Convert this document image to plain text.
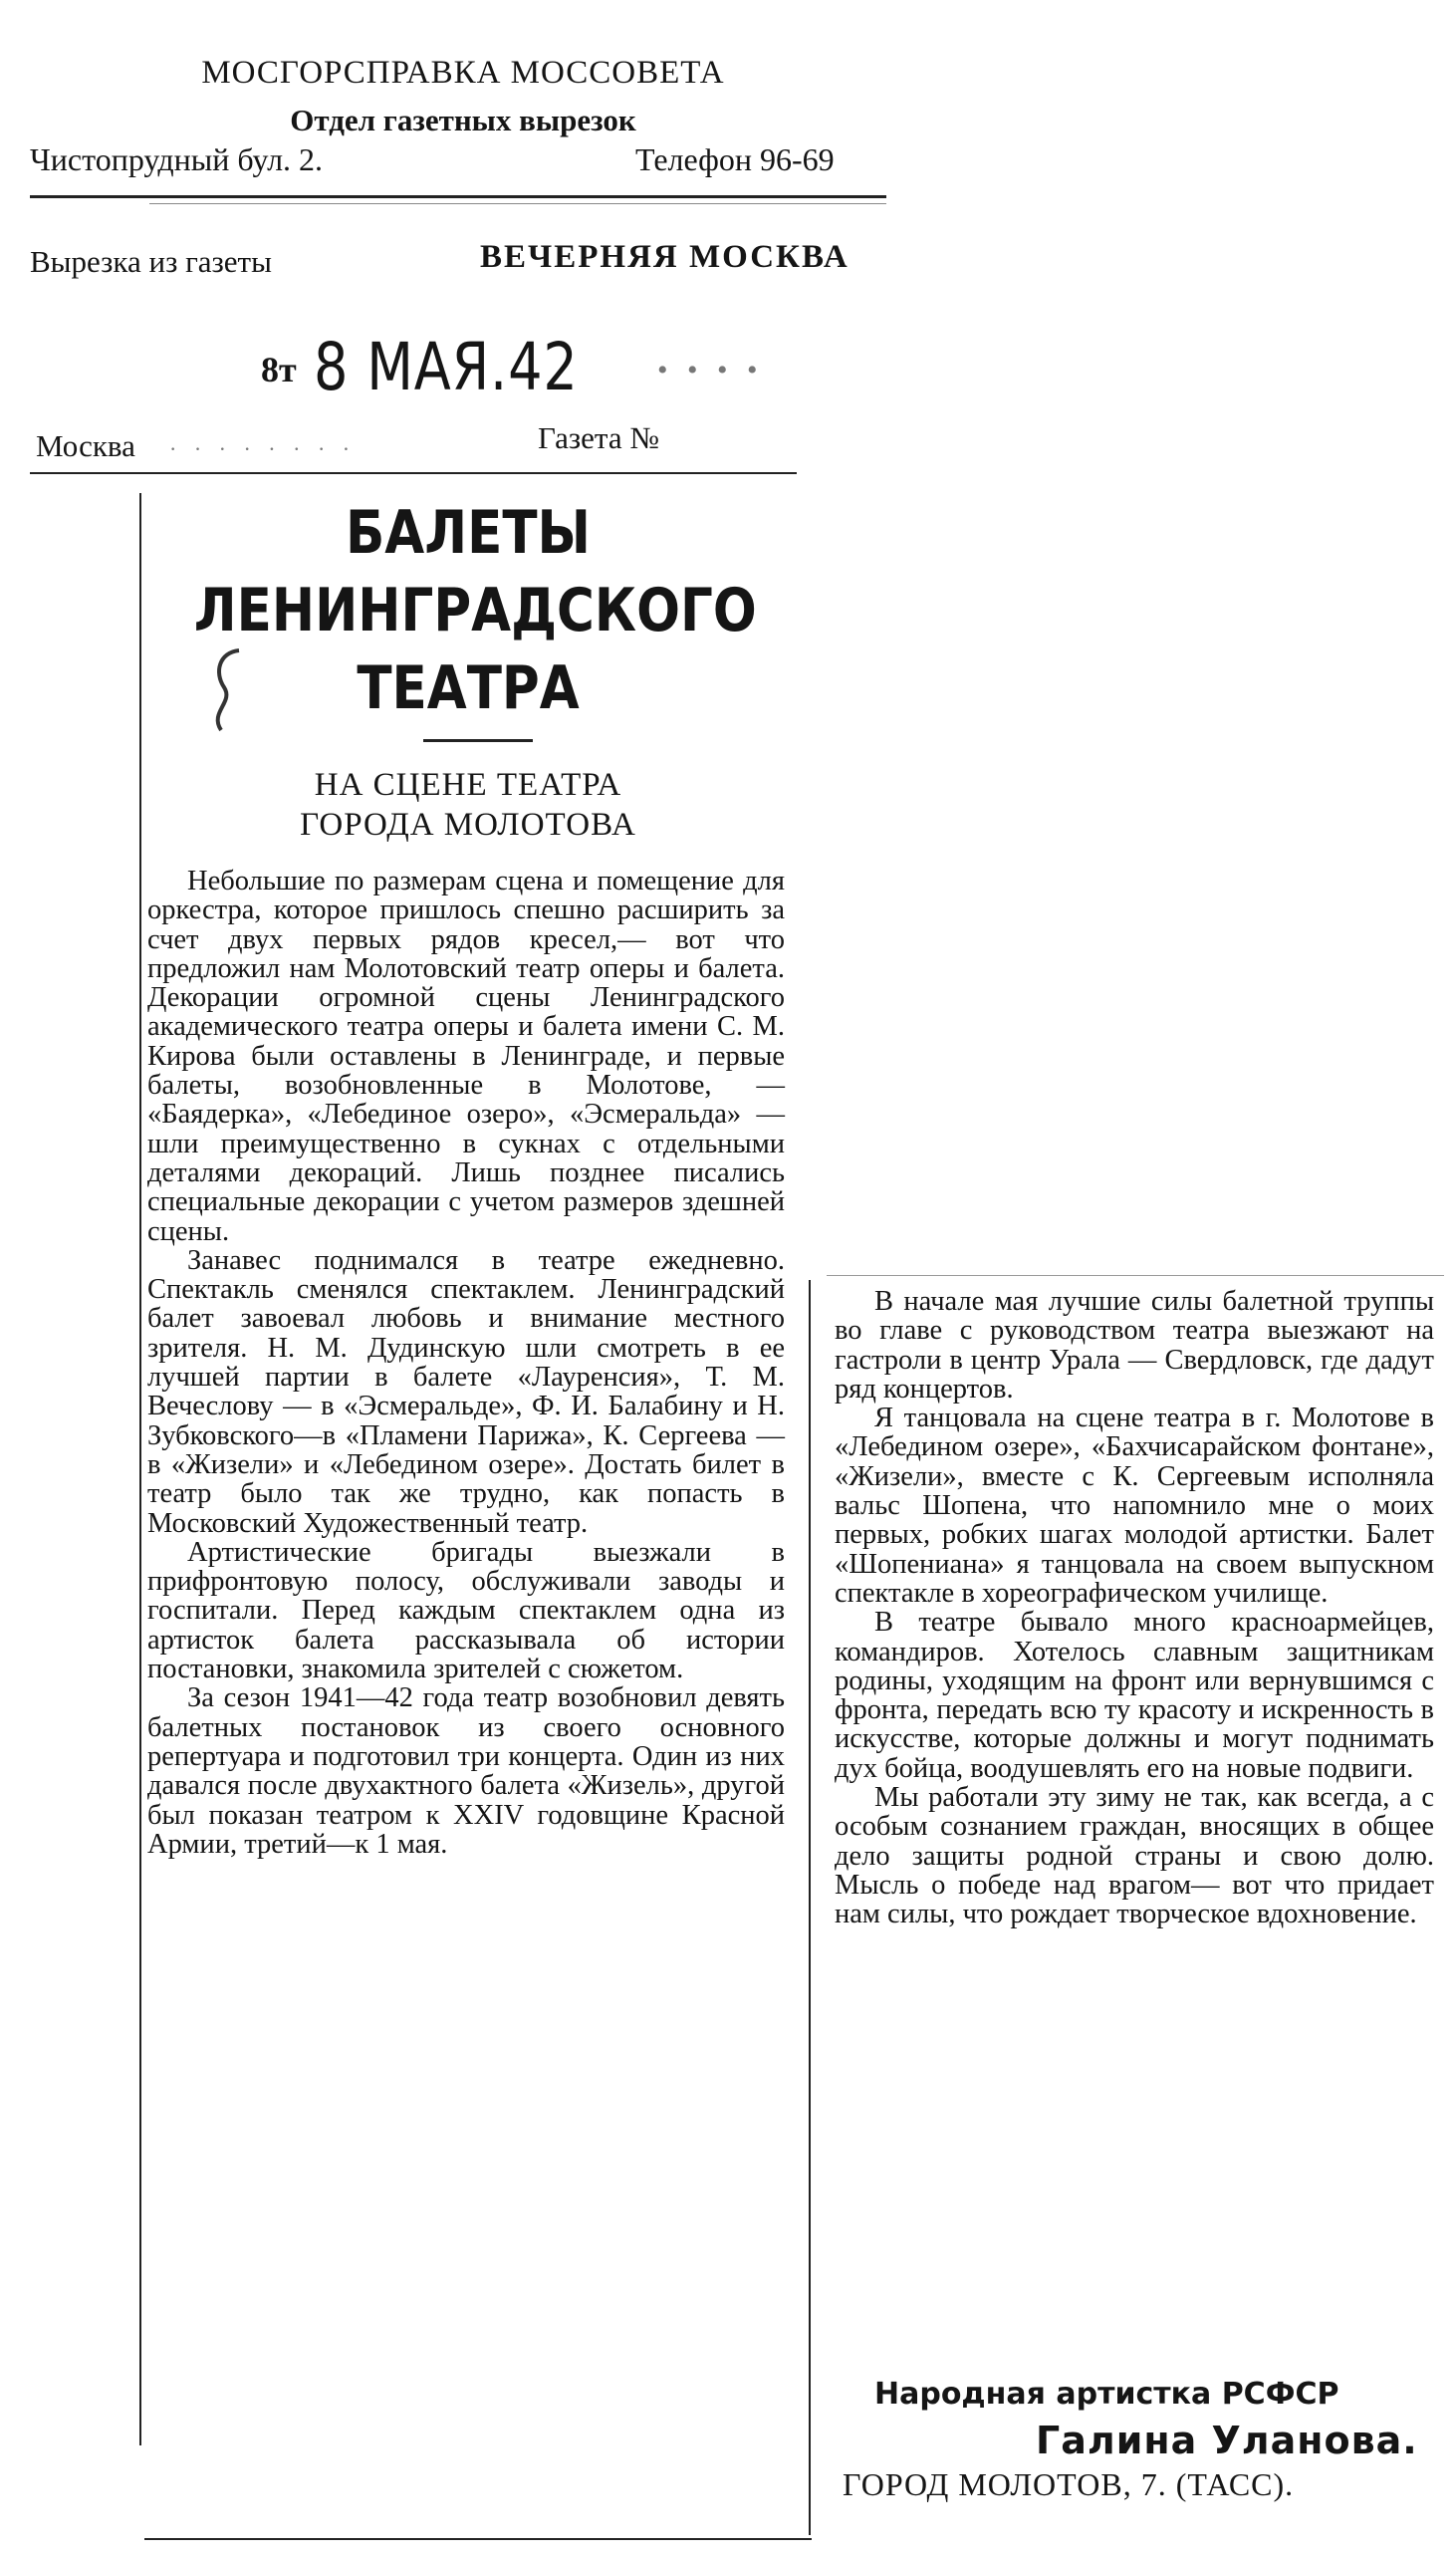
МОСГОРСПРАВКА МОССОВЕТА
Отдел газетных вырезок
Чистопрудный бул. 2.	Телефон 96-69
Вырезка из газеты	ВЕЧЕРНЯЯ МОСКВА
8т 8 МАЯ.42	• • • •
Москва · · · · · · · ·	Газета №
БАЛЕТЫ
ЛЕНИНГРАДСКОГО
ТЕАТРА
НА СЦЕНЕ ТЕАТРА
ГОРОДА МОЛОТОВА

Небольшие по размерам сцена и помещение для оркестра, которое пришлось спешно расширить за счет двух первых рядов кресел,— вот что предложил нам Молотовский театр оперы и балета. Декорации огромной сцены Ленинградского академического театра оперы и балета имени С. М. Кирова были оставлены в Ленинграде, и первые балеты, возобновленные в Молотове, — «Баядерка», «Лебединое озеро», «Эсмеральда» — шли преимущественно в сукнах с отдельными деталями декораций. Лишь позднее писались специальные декорации с учетом размеров здешней сцены.

Занавес поднимался в театре ежедневно. Спектакль сменялся спектаклем. Ленинградский балет завоевал любовь и внимание местного зрителя. Н. М. Дудинскую шли смотреть в ее лучшей партии в балете «Лауренсия», Т. М. Вечеслову — в «Эсмеральде», Ф. И. Балабину и Н. Зубковского—в «Пламени Парижа», К. Сергеева — в «Жизели» и «Лебедином озере». Достать билет в театр было так же трудно, как попасть в Московский Художественный театр.

Артистические бригады выезжали в прифронтовую полосу, обслуживали заводы и госпитали. Перед каждым спектаклем одна из артисток балета рассказывала об истории постановки, знакомила зрителей с сюжетом.

За сезон 1941—42 года театр возобновил девять балетных постановок из своего основного репертуара и подготовил три концерта. Один из них давался после двухактного балета «Жизель», другой был показан театром к XXIV годовщине Красной Армии, третий—к 1 мая.

В начале мая лучшие силы балетной труппы во главе с руководством театра выезжают на гастроли в центр Урала — Свердловск, где дадут ряд концертов.

Я танцовала на сцене театра в г. Молотове в «Лебедином озере», «Бахчисарайском фонтане», «Жизели», вместе с К. Сергеевым исполняла вальс Шопена, что напомнило мне о моих первых, робких шагах молодой артистки. Балет «Шопениана» я танцовала на своем выпускном спектакле в хореографическом училище.

В театре бывало много красноармейцев, командиров. Хотелось славным защитникам родины, уходящим на фронт или вернувшимся с фронта, передать всю ту красоту и искренность в искусстве, которые должны и могут поднимать дух бойца, воодушевлять его на новые подвиги.

Мы работали эту зиму не так, как всегда, а с особым сознанием граждан, вносящих в общее дело защиты родной страны и свою долю. Мысль о победе над врагом— вот что придает нам силы, что рождает творческое вдохновение.

Народная артистка РСФСР
Галина Уланова.
ГОРОД МОЛОТОВ, 7. (ТАСС).
